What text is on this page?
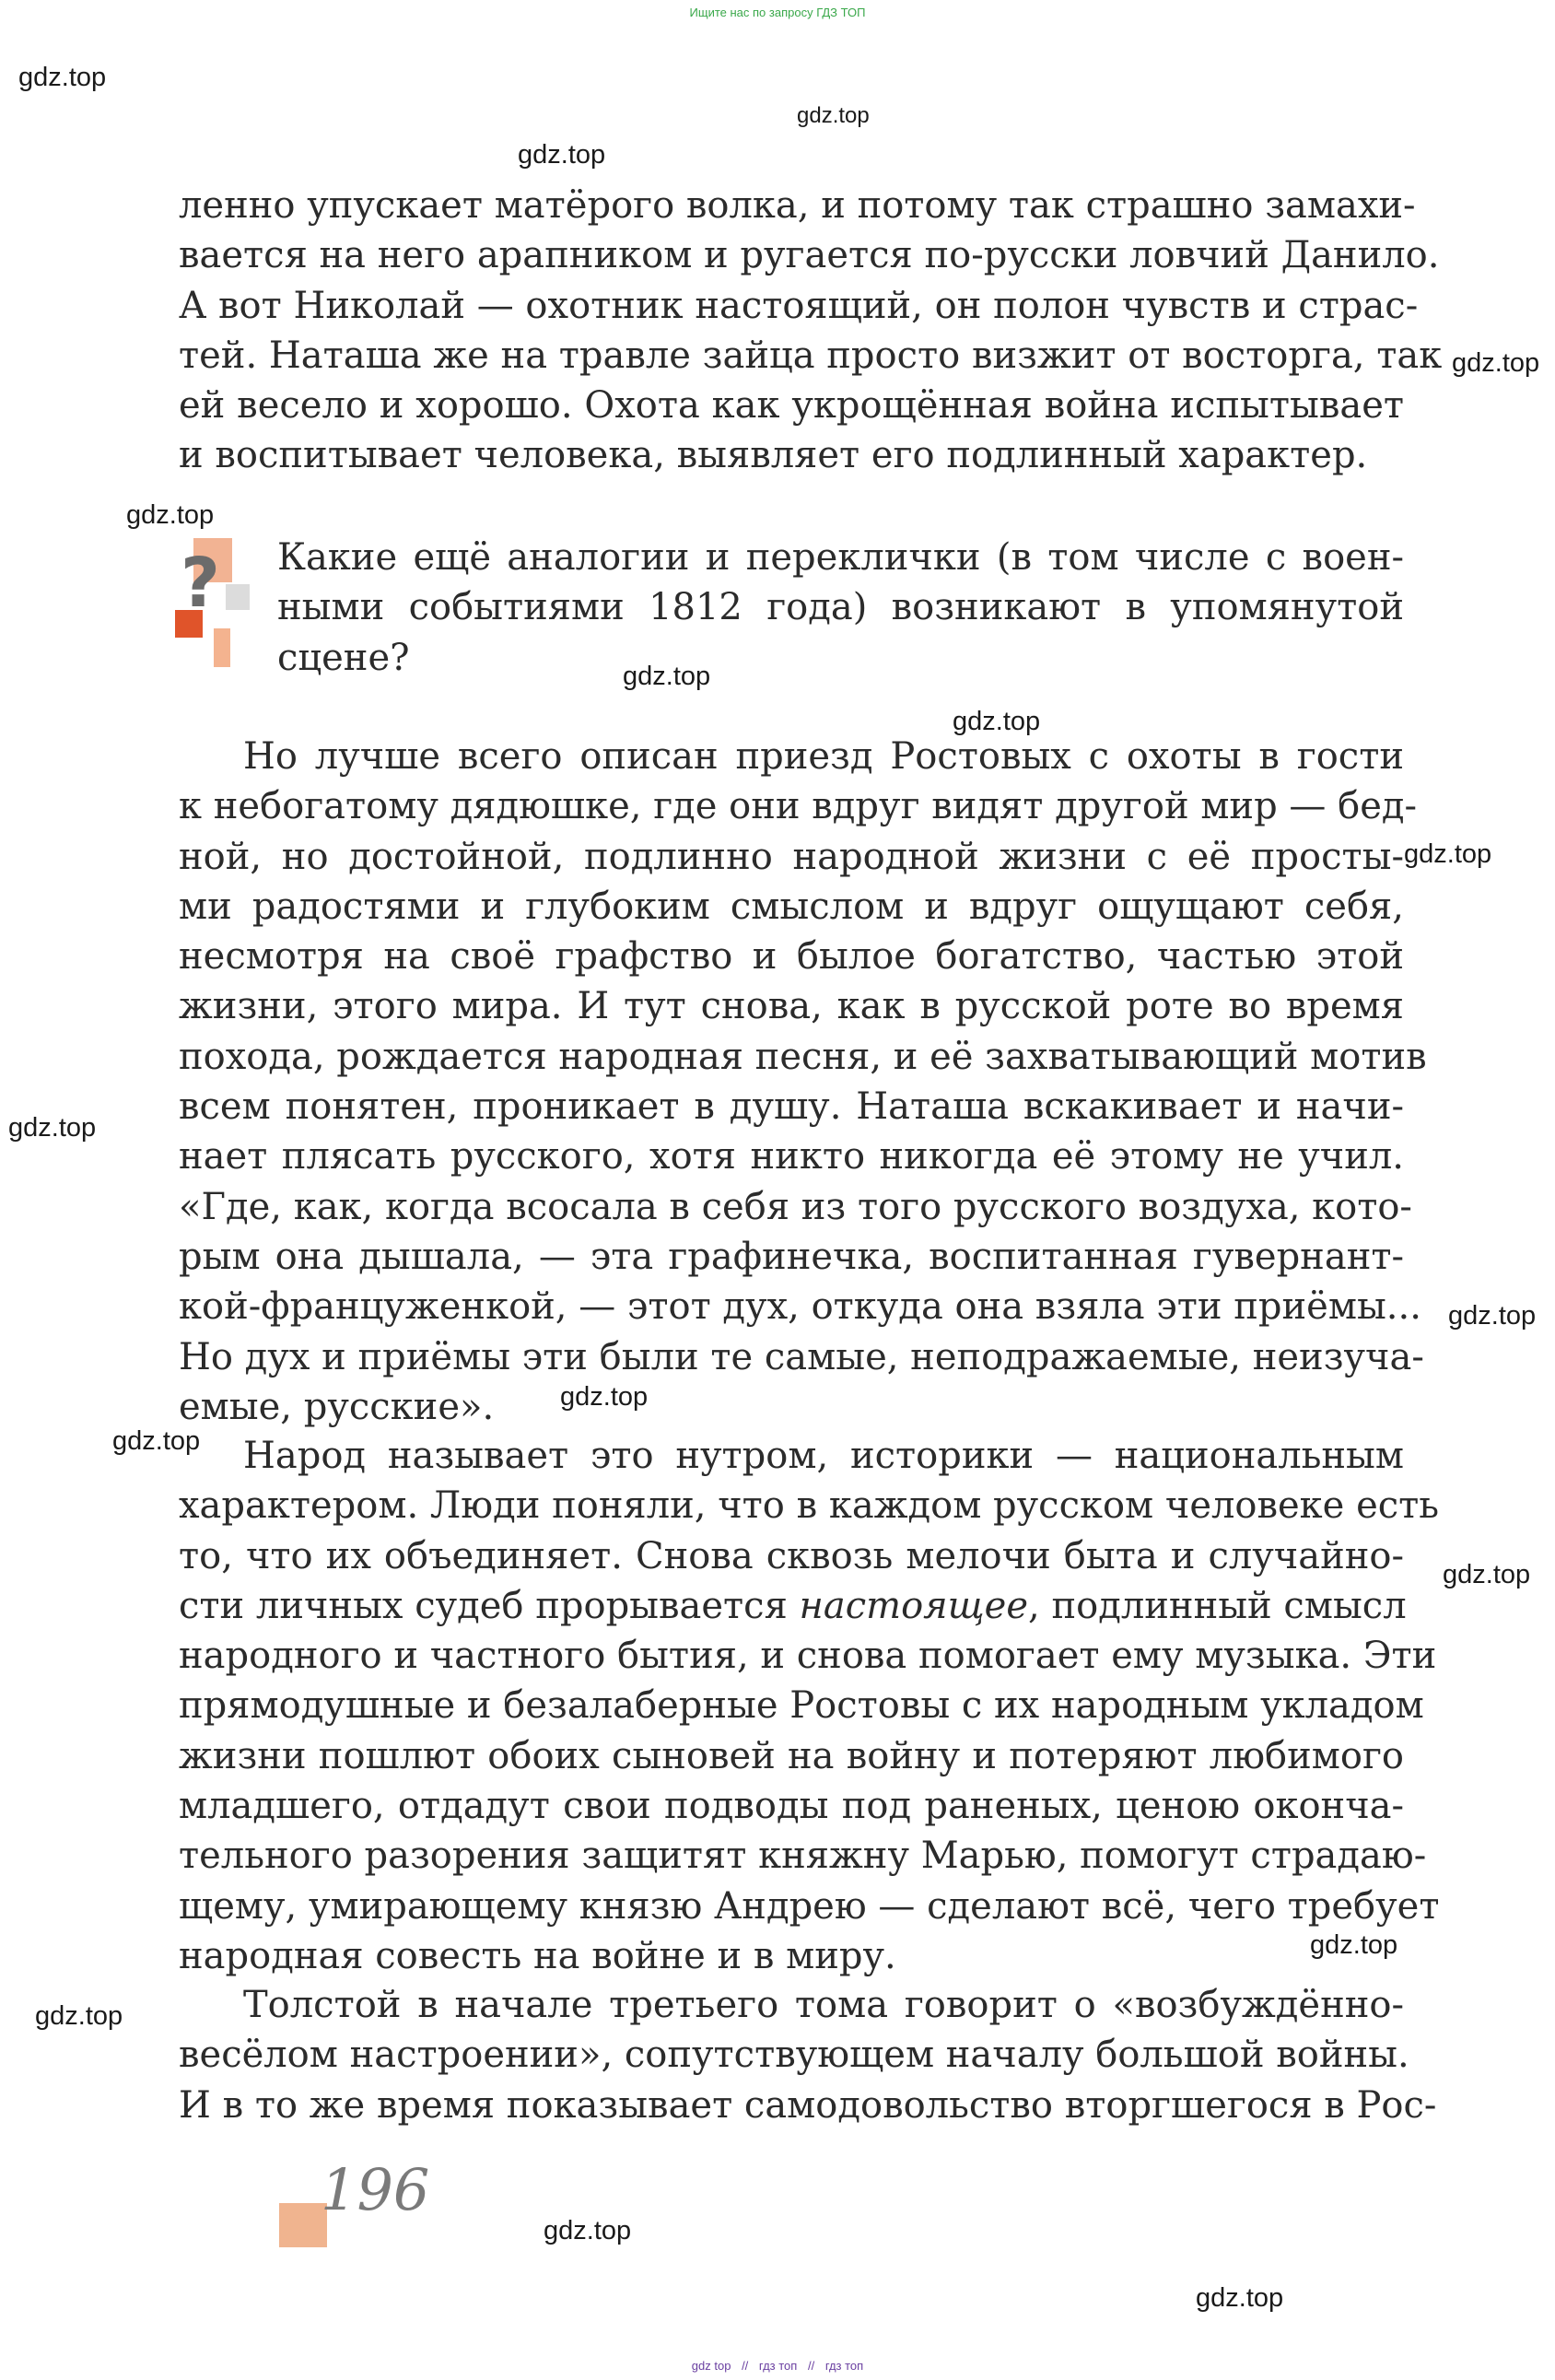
Ищите нас по запросу ГДЗ ТОП
gdz.top
gdz.top
gdz.top
gdz.top
gdz.top
gdz.top
gdz.top
gdz.top
gdz.top
gdz.top
gdz.top
gdz.top
gdz.top
gdz.top
gdz.top
gdz.top
gdz.top
ленно упускает матёрого волка, и потому так страшно замахи-
вается на него арапником и ругается по-русски ловчий Данило.
А вот Николай — охотник настоящий, он полон чувств и страс-
тей. Наташа же на травле зайца просто визжит от восторга, так
ей весело и хорошо. Охота как укрощённая война испытывает
и воспитывает человека, выявляет его подлинный характер.
? Какие ещё аналогии и переклички (в том числе с воен-
ными событиями 1812 года) возникают в упомянутой
сцене?
Но лучше всего описан приезд Ростовых с охоты в гости
к небогатому дядюшке, где они вдруг видят другой мир — бед-
ной, но достойной, подлинно народной жизни с её просты-
ми радостями и глубоким смыслом и вдруг ощущают себя,
несмотря на своё графство и былое богатство, частью этой
жизни, этого мира. И тут снова, как в русской роте во время
похода, рождается народная песня, и её захватывающий мотив
всем понятен, проникает в душу. Наташа вскакивает и начи-
нает плясать русского, хотя никто никогда её этому не учил.
«Где, как, когда всосала в себя из того русского воздуха, кото-
рым она дышала, — эта графинечка, воспитанная гувернант-
кой-француженкой, — этот дух, откуда она взяла эти приёмы...
Но дух и приёмы эти были те самые, неподражаемые, неизуча-
емые, русские».
Народ называет это нутром, историки — национальным
характером. Люди поняли, что в каждом русском человеке есть
то, что их объединяет. Снова сквозь мелочи быта и случайно-
сти личных судеб прорывается настоящее, подлинный смысл
народного и частного бытия, и снова помогает ему музыка. Эти
прямодушные и безалаберные Ростовы с их народным укладом
жизни пошлют обоих сыновей на войну и потеряют любимого
младшего, отдадут свои подводы под раненых, ценою оконча-
тельного разорения защитят княжну Марью, помогут страдаю-
щему, умирающему князю Андрею — сделают всё, чего требует
народная совесть на войне и в миру.
Толстой в начале третьего тома говорит о «возбуждённо-
весёлом настроении», сопутствующем началу большой войны.
И в то же время показывает самодовольство вторгшегося в Рос-
196
gdz top // гдз топ // гдз топ
